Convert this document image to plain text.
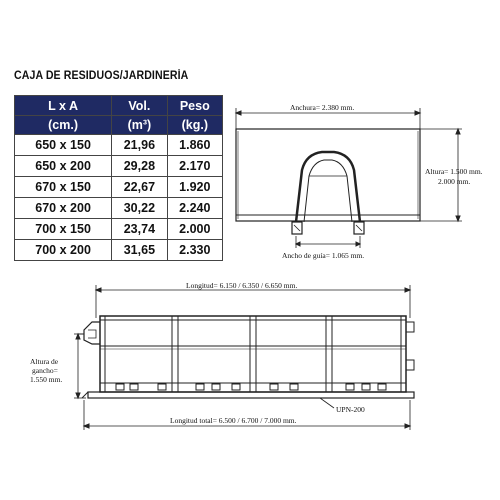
CAJA DE RESIDUOS/JARDINERÍA
L x A	Vol.	Peso
(cm.)	(m³)	(kg.)
650 x 150	21,96	1.860
650 x 200	29,28	2.170
670 x 150	22,67	1.920
670 x 200	30,22	2.240
700 x 150	23,74	2.000
700 x 200	31,65	2.330
Anchura= 2.380 mm.
Altura= 1.500 mm.
2.000 mm.
Ancho de guía= 1.065 mm.
Longitud= 6.150 / 6.350 / 6.650 mm.
Altura de
gancho=
1.550 mm.
UPN-200
Longitud total= 6.500 / 6.700 / 7.000 mm.
